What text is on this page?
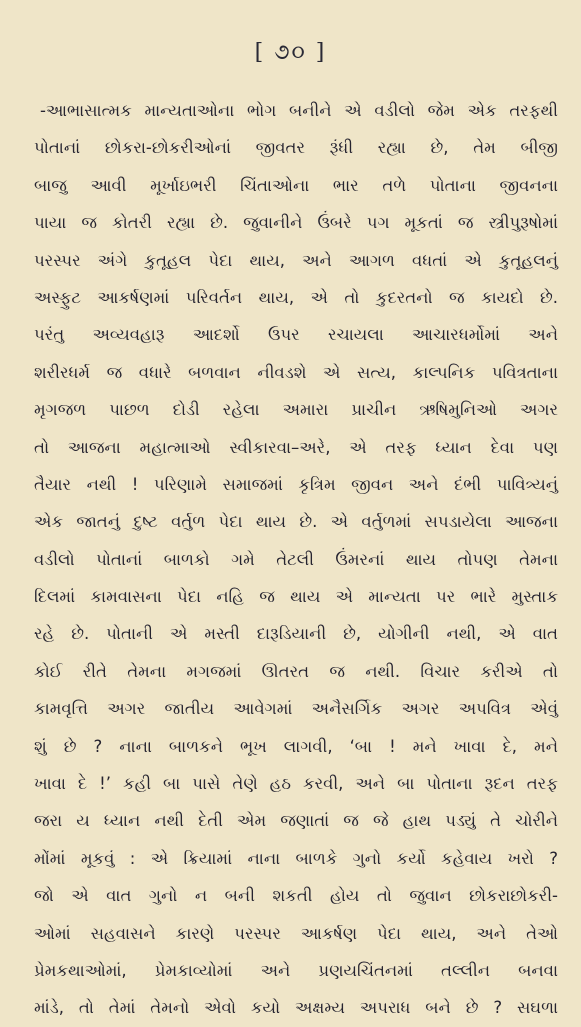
[ ૭૦ ]
-આભાસાત્મક માન્યતાઓના ભોગ બનીને એ વડીલો જેમ એક તરફથી
પોતાનાં છોકરા-છોકરીઓનાં જીવતર રૂંધી રહ્યા છે, તેમ બીજી
બાજુ આવી મૂર્ખાઇભરી ચિંતાઓના ભાર તળે પોતાના જીવનના
પાયા જ કોતરી રહ્યા છે. જુવાનીને ઉંબરે પગ મૂકતાં જ સ્ત્રીપુરૂષોમાં
પરસ્પર અંગે કુતૂહલ પેદા થાય, અને આગળ વધતાં એ કુતૂહલનું
અસ્ફુટ આકર્ષણમાં પરિવર્તન થાય, એ તો કુદરતનો જ કાયદો છે.
પરંતુ અવ્યવહારૂ આદર્શો ઉપર રચાયલા આચારધર્મોમાં અને
શરીરધર્મ જ વધારે બળવાન નીવડશે એ સત્ય, કાલ્પનિક પવિત્રતાના
મૃગજળ પાછળ દોડી રહેલા અમારા પ્રાચીન ઋષિમુનિઓ અગર
તો આજના મહાત્માઓ સ્વીકારવા–અરે, એ તરફ ધ્યાન દેવા પણ
તૈયાર નથી ! પરિણામે સમાજમાં કૃત્રિમ જીવન અને દંભી પાવિત્ર્યનું
એક જાતનું દુષ્ટ વર્તુળ પેદા થાય છે. એ વર્તુળમાં સપડાયેલા આજના
વડીલો પોતાનાં બાળકો ગમે તેટલી ઉંમરનાં થાય તોપણ તેમના
દિલમાં કામવાસના પેદા નહિ જ થાય એ માન્યતા પર ભારે મુસ્તાક
રહે છે. પોતાની એ મસ્તી દારૂડિયાની છે, યોગીની નથી, એ વાત
કોઈ રીતે તેમના મગજમાં ઊતરત જ નથી. વિચાર કરીએ તો
કામવૃત્તિ અગર જાતીય આવેગમાં અનૈસર્ગિક અગર અપવિત્ર એવું
શું છે ? નાના બાળકને ભૂખ લાગવી, ‘બા ! મને ખાવા દે, મને
ખાવા દે !’ કહી બા પાસે તેણે હઠ કરવી, અને બા પોતાના રૂદન તરફ
જરા ય ધ્યાન નથી દેતી એમ જણાતાં જ જે હાથ પડ્યું તે ચોરીને
મોંમાં મૂકવું : એ ક્રિયામાં નાના બાળકે ગુનો કર્યો કહેવાય ખરો ?
જો એ વાત ગુનો ન બની શકતી હોય તો જુવાન છોકરાછોકરી-
ઓમાં સહવાસને કારણે પરસ્પર આકર્ષણ પેદા થાય, અને તેઓ
પ્રેમકથાઓમાં, પ્રેમકાવ્યોમાં અને પ્રણયચિંતનમાં તલ્લીન બનવા
માંડે, તો તેમાં તેમનો એવો કયો અક્ષમ્ય અપરાધ બને છે ? સઘળા
